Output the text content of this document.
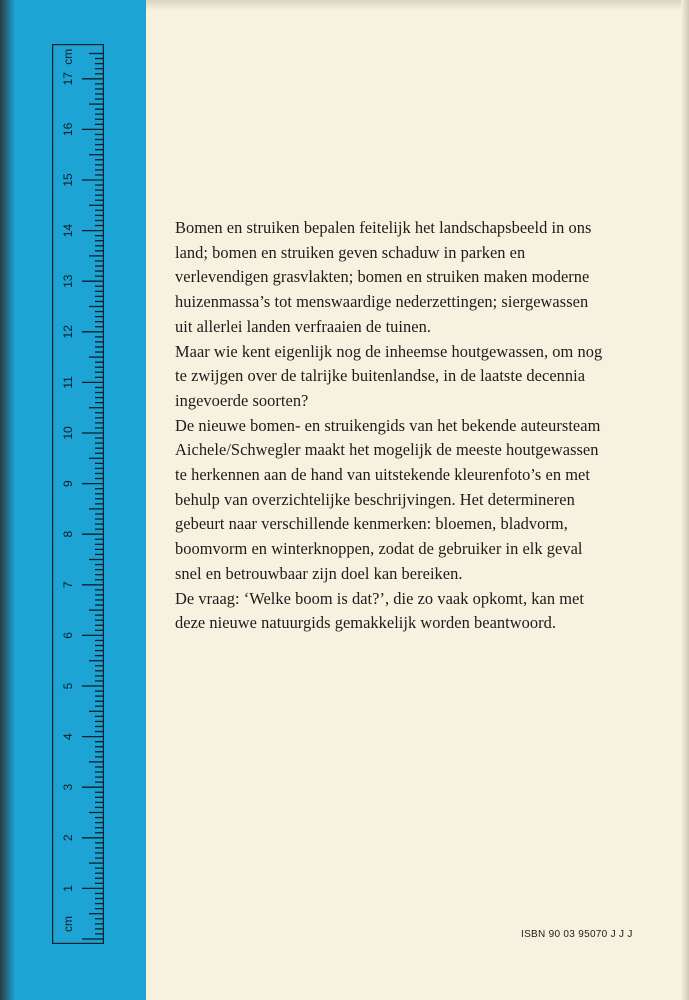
cm
1
2
3
4
5
6
7
8
9
10
11
12
13
14
15
16
17
cm

Bomen en struiken bepalen feitelijk het landschapsbeeld in ons land; bomen en struiken geven schaduw in parken en verlevendigen grasvlakten; bomen en struiken maken moderne huizenmassa’s tot menswaardige nederzettingen; siergewassen uit allerlei landen verfraaien de tuinen.

Maar wie kent eigenlijk nog de inheemse houtgewassen, om nog te zwijgen over de talrijke buitenlandse, in de laatste decennia ingevoerde soorten?

De nieuwe bomen- en struikengids van het bekende auteursteam Aichele/Schwegler maakt het mogelijk de meeste houtgewassen te herkennen aan de hand van uitstekende kleurenfoto’s en met behulp van overzichtelijke beschrijvingen. Het determineren gebeurt naar verschillende kenmerken: bloemen, bladvorm, boomvorm en winterknoppen, zodat de gebruiker in elk geval snel en betrouwbaar zijn doel kan bereiken.

De vraag: ‘Welke boom is dat?’, die zo vaak opkomt, kan met deze nieuwe natuurgids gemakkelijk worden beantwoord.

ISBN 90 03 95070 J J J
